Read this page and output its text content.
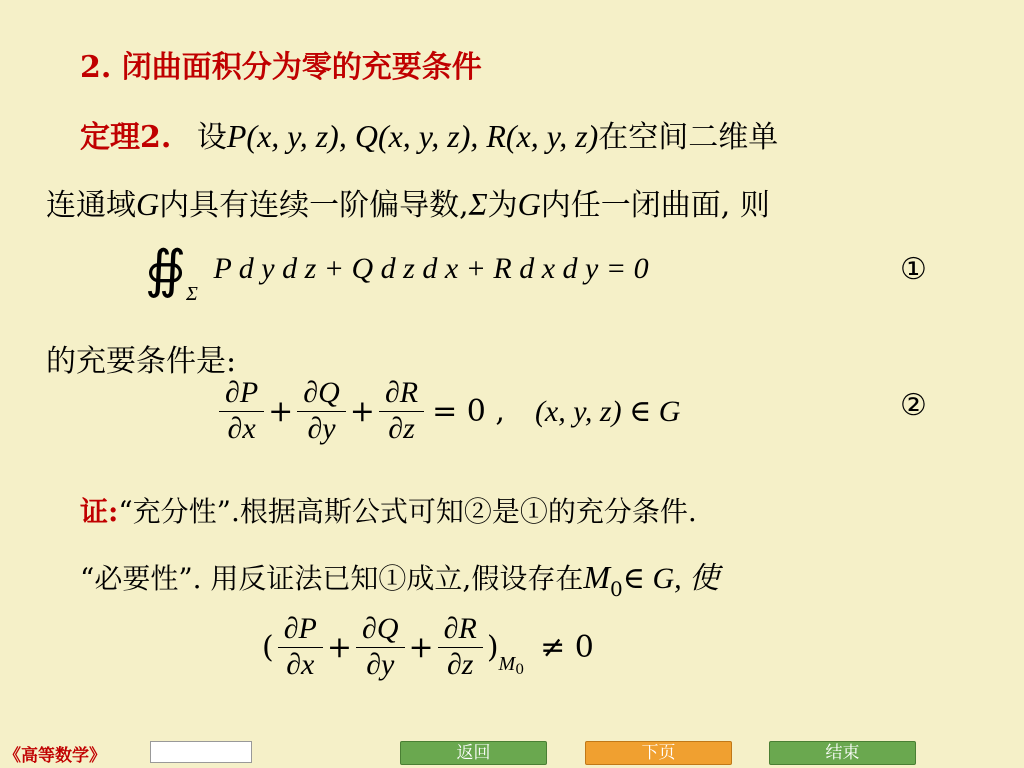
2. 闭曲面积分为零的充要条件
定理2. 设P(x, y, z), Q(x, y, z), R(x, y, z)在空间二维单
连通域G内具有连续一阶偏导数,Σ为G内任一闭曲面, 则
$∯_\Sigma$ P d y d z + Q d z d x + R d x d y = 0	①
的充要条件是:
$\frac{\partial P}{\partial x} + \frac{\partial Q}{\partial y} + \frac{\partial R}{\partial z} = 0$ , (x, y, z) ∈ G	②
证:“充分性”.根据高斯公式可知②是①的充分条件.
“必要性”. 用反证法已知①成立,假设存在$M_0\in$ G, 使
( $\frac{\partial P}{\partial x} + \frac{\partial Q}{\partial y} + \frac{\partial R}{\partial z}$ ) M 0
≠ 0
《高等数学》	返回	下页	结束
